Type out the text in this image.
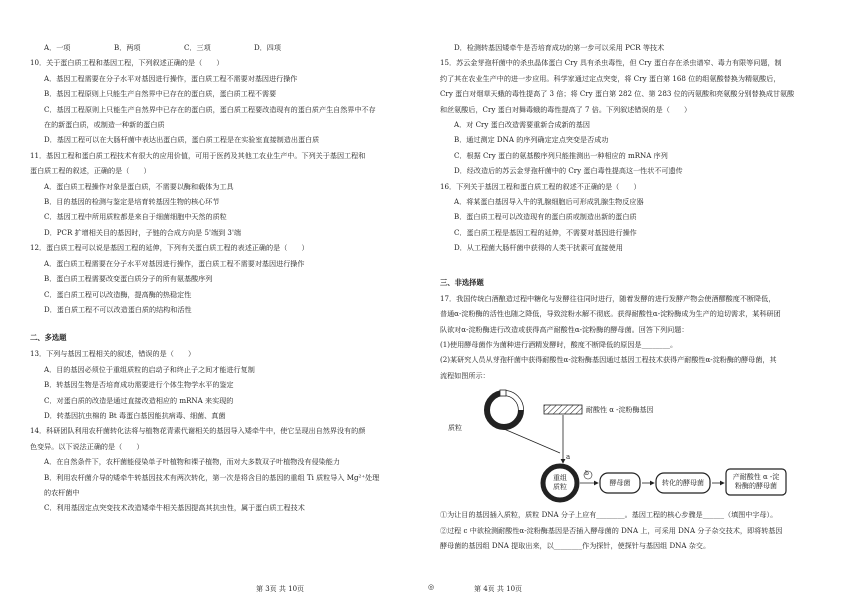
A．一项	B．两项	C．三项	D．四项
10．关于蛋白质工程和基因工程，下列叙述正确的是（　　）
A．基因工程需要在分子水平对基因进行操作，蛋白质工程不需要对基因进行操作
B．基因工程原则上只能生产自然界中已存在的蛋白质，蛋白质工程不需要
C．基因工程原则上只能生产自然界中已存在的蛋白质，蛋白质工程要改造现有的蛋白质产生自然界中不存
在的新蛋白质，或制造一种新的蛋白质
D．基因工程可以在大肠杆菌中表达出蛋白质，蛋白质工程是在实验室直接制造出蛋白质
11．基因工程和蛋白质工程技术有很大的应用价值，可用于医药及其他工农业生产中。下列关于基因工程和
蛋白质工程的叙述，正确的是（　　）
A．蛋白质工程操作对象是蛋白质，不需要以酶和载体为工具
B．目的基因的检测与鉴定是培育转基因生物的核心环节
C．基因工程中所用质粒都是来自于细菌细胞中天然的质粒
D．PCR 扩增相关目的基因时，子链的合成方向是 5'端到 3'端
12．蛋白质工程可以说是基因工程的延伸，下列有关蛋白质工程的表述正确的是（　　）
A．蛋白质工程需要在分子水平对基因进行操作，蛋白质工程不需要对基因进行操作
B．蛋白质工程需要改变蛋白质分子的所有氨基酸序列
C．蛋白质工程可以改造酶，提高酶的热稳定性
D．蛋白质工程不可以改造蛋白质的结构和活性
二、多选题
13．下列与基因工程相关的叙述，错误的是（　　）
A．目的基因必须位于重组质粒的启动子和终止子之间才能进行复制
B．转基因生物是否培育成功需要进行个体生物学水平的鉴定
C．对蛋白质的改造是通过直接改造相应的 mRNA 来实现的
D．转基因抗虫棉的 Bt 毒蛋白基因能抗病毒、细菌、真菌
14．科研团队利用农杆菌转化法将与植物花青素代谢相关的基因导入矮牵牛中，使它呈现出自然界没有的颜
色变异。以下说法正确的是（　　）
A．在自然条件下，农杆菌能侵染单子叶植物和裸子植物，而对大多数双子叶植物没有侵染能力
B．利用农杆菌介导的矮牵牛转基因技术有两次转化，第一次是将含目的基因的重组 Ti 质粒导入 Mg²⁺处理
的农杆菌中
C．利用基因定点突变技术改造矮牵牛相关基因提高其抗虫性，属于蛋白质工程技术
D．检测转基因矮牵牛是否培育成功的第一步可以采用 PCR 等技术
15．苏云金芽孢杆菌中的杀虫晶体蛋白 Cry 具有杀虫毒性，但 Cry 蛋白存在杀虫谱窄、毒力有限等问题，制
约了其在农业生产中的进一步应用。科学家通过定点突变，将 Cry 蛋白第 168 位的组氨酸替换为精氨酸后，
Cry 蛋白对烟草天蛾的毒性提高了 3 倍；将 Cry 蛋白第 282 位、第 283 位的丙氨酸和亮氨酸分别替换成甘氨酸
和丝氨酸后，Cry 蛋白对舞毒蛾的毒性提高了 7 倍。下列叙述错误的是（　　）
A．对 Cry 蛋白改造需要重新合成新的基因
B．通过测定 DNA 的序列确定定点突变是否成功
C．根据 Cry 蛋白的氨基酸序列只能推测出一种相应的 mRNA 序列
D．经改造后的苏云金芽孢杆菌中的 Cry 蛋白毒性提高这一性状不可遗传
16．下列关于基因工程和蛋白质工程的叙述不正确的是（　　）
A．将某蛋白基因导入牛的乳腺细胞后可形成乳腺生物反应器
B．蛋白质工程可以改造现有的蛋白质或制造出新的蛋白质
C．蛋白质工程是基因工程的延伸，不需要对基因进行操作
D．从工程菌大肠杆菌中获得的人类干扰素可直接使用
三、非选择题
17．我国传统白酒酿造过程中糖化与发酵往往同时进行，随着发酵的进行发酵产物会使酒醪酸度不断降低，
普通α-淀粉酶的活性也随之降低，导致淀粉水解不彻底。获得耐酸性α-淀粉酶成为生产的迫切需求，某科研团
队欲对α-淀粉酶进行改造或获得高产耐酸性α-淀粉酶的酵母菌。回答下列问题：
(1)使用酵母菌作为菌种进行酒精发酵时，酸度不断降低的原因是________。
(2)某研究人员从芽孢杆菌中获得耐酸性α-淀粉酶基因通过基因工程技术获得产耐酸性α-淀粉酶的酵母菌，其
流程如图所示：
耐酸性 α -淀粉酶基因
质粒
a
b
重组
质粒	酵母菌	转化的酵母菌
产耐酸性 α -淀
粉酶的酵母菌
①为让目的基因插入质粒，质粒 DNA 分子上应有________。基因工程的核心步骤是______（填图中字母）。
②过程 c 中欲检测耐酸性α-淀粉酶基因是否插入酵母菌的 DNA 上，可采用 DNA 分子杂交技术，即将转基因
酵母菌的基因组 DNA 提取出来，以________作为探针，使探针与基因组 DNA 杂交。
第 3页 共 10页	◎	第 4页 共 10页
